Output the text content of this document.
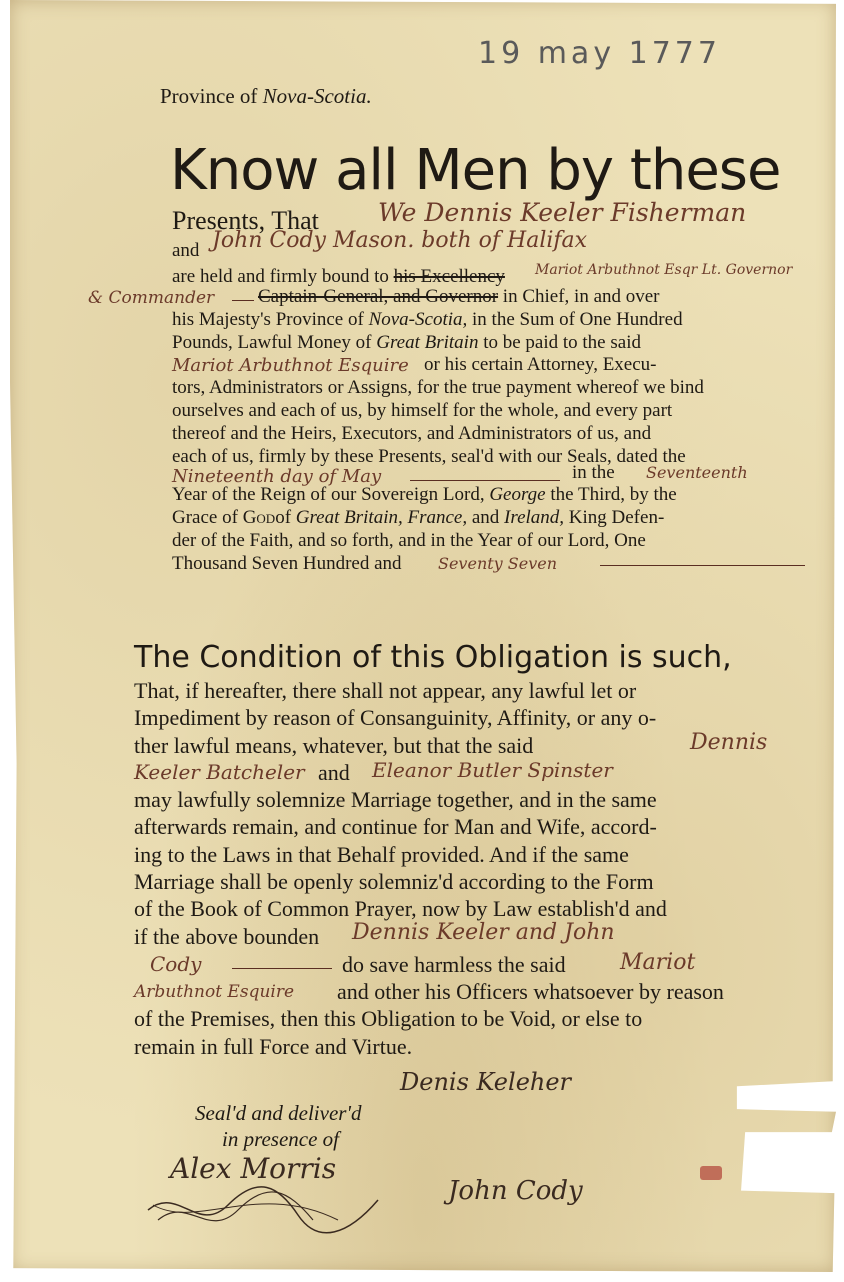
19 may 1777
Province of Nova-Scotia.
Know all Men by these
Presents, That We Dennis Keeler Fisherman
and John Cody Mason. both of Halifax
are held and firmly bound to his Excellency Mariot Arbuthnot Esqr Lt. Governor
& Commander Captain-General, and Governor in Chief, in and over
his Majesty's Province of Nova-Scotia, in the Sum of One Hundred
Pounds, Lawful Money of Great Britain to be paid to the said
Mariot Arbuthnot Esquire or his certain Attorney, Execu-
tors, Administrators or Assigns, for the true payment whereof we bind
ourselves and each of us, by himself for the whole, and every part
thereof and the Heirs, Executors, and Administrators of us, and
each of us, firmly by these Presents, seal'd with our Seals, dated the
Nineteenth day of May	in the Seventeenth
Year of the Reign of our Sovereign Lord, George the Third, by the
Grace of Godof Great Britain, France, and Ireland, King Defen-
der of the Faith, and so forth, and in the Year of our Lord, One
Thousand Seven Hundred and Seventy Seven
The Condition of this Obligation is such,
That, if hereafter, there shall not appear, any lawful let or
Impediment by reason of Consanguinity, Affinity, or any o-
ther lawful means, whatever, but that the said	Dennis
Keeler Batcheler and Eleanor Butler Spinster
may lawfully solemnize Marriage together, and in the same
afterwards remain, and continue for Man and Wife, accord-
ing to the Laws in that Behalf provided. And if the same
Marriage shall be openly solemniz'd according to the Form
of the Book of Common Prayer, now by Law establish'd and
if the above bounden Dennis Keeler and John
Cody	do save harmless the said Mariot
Arbuthnot Esquire and other his Officers whatsoever by reason
of the Premises, then this Obligation to be Void, or else to
remain in full Force and Virtue.
Seal'd and deliver'd
in presence of
Denis Keleher
Alex Morris
John Cody
